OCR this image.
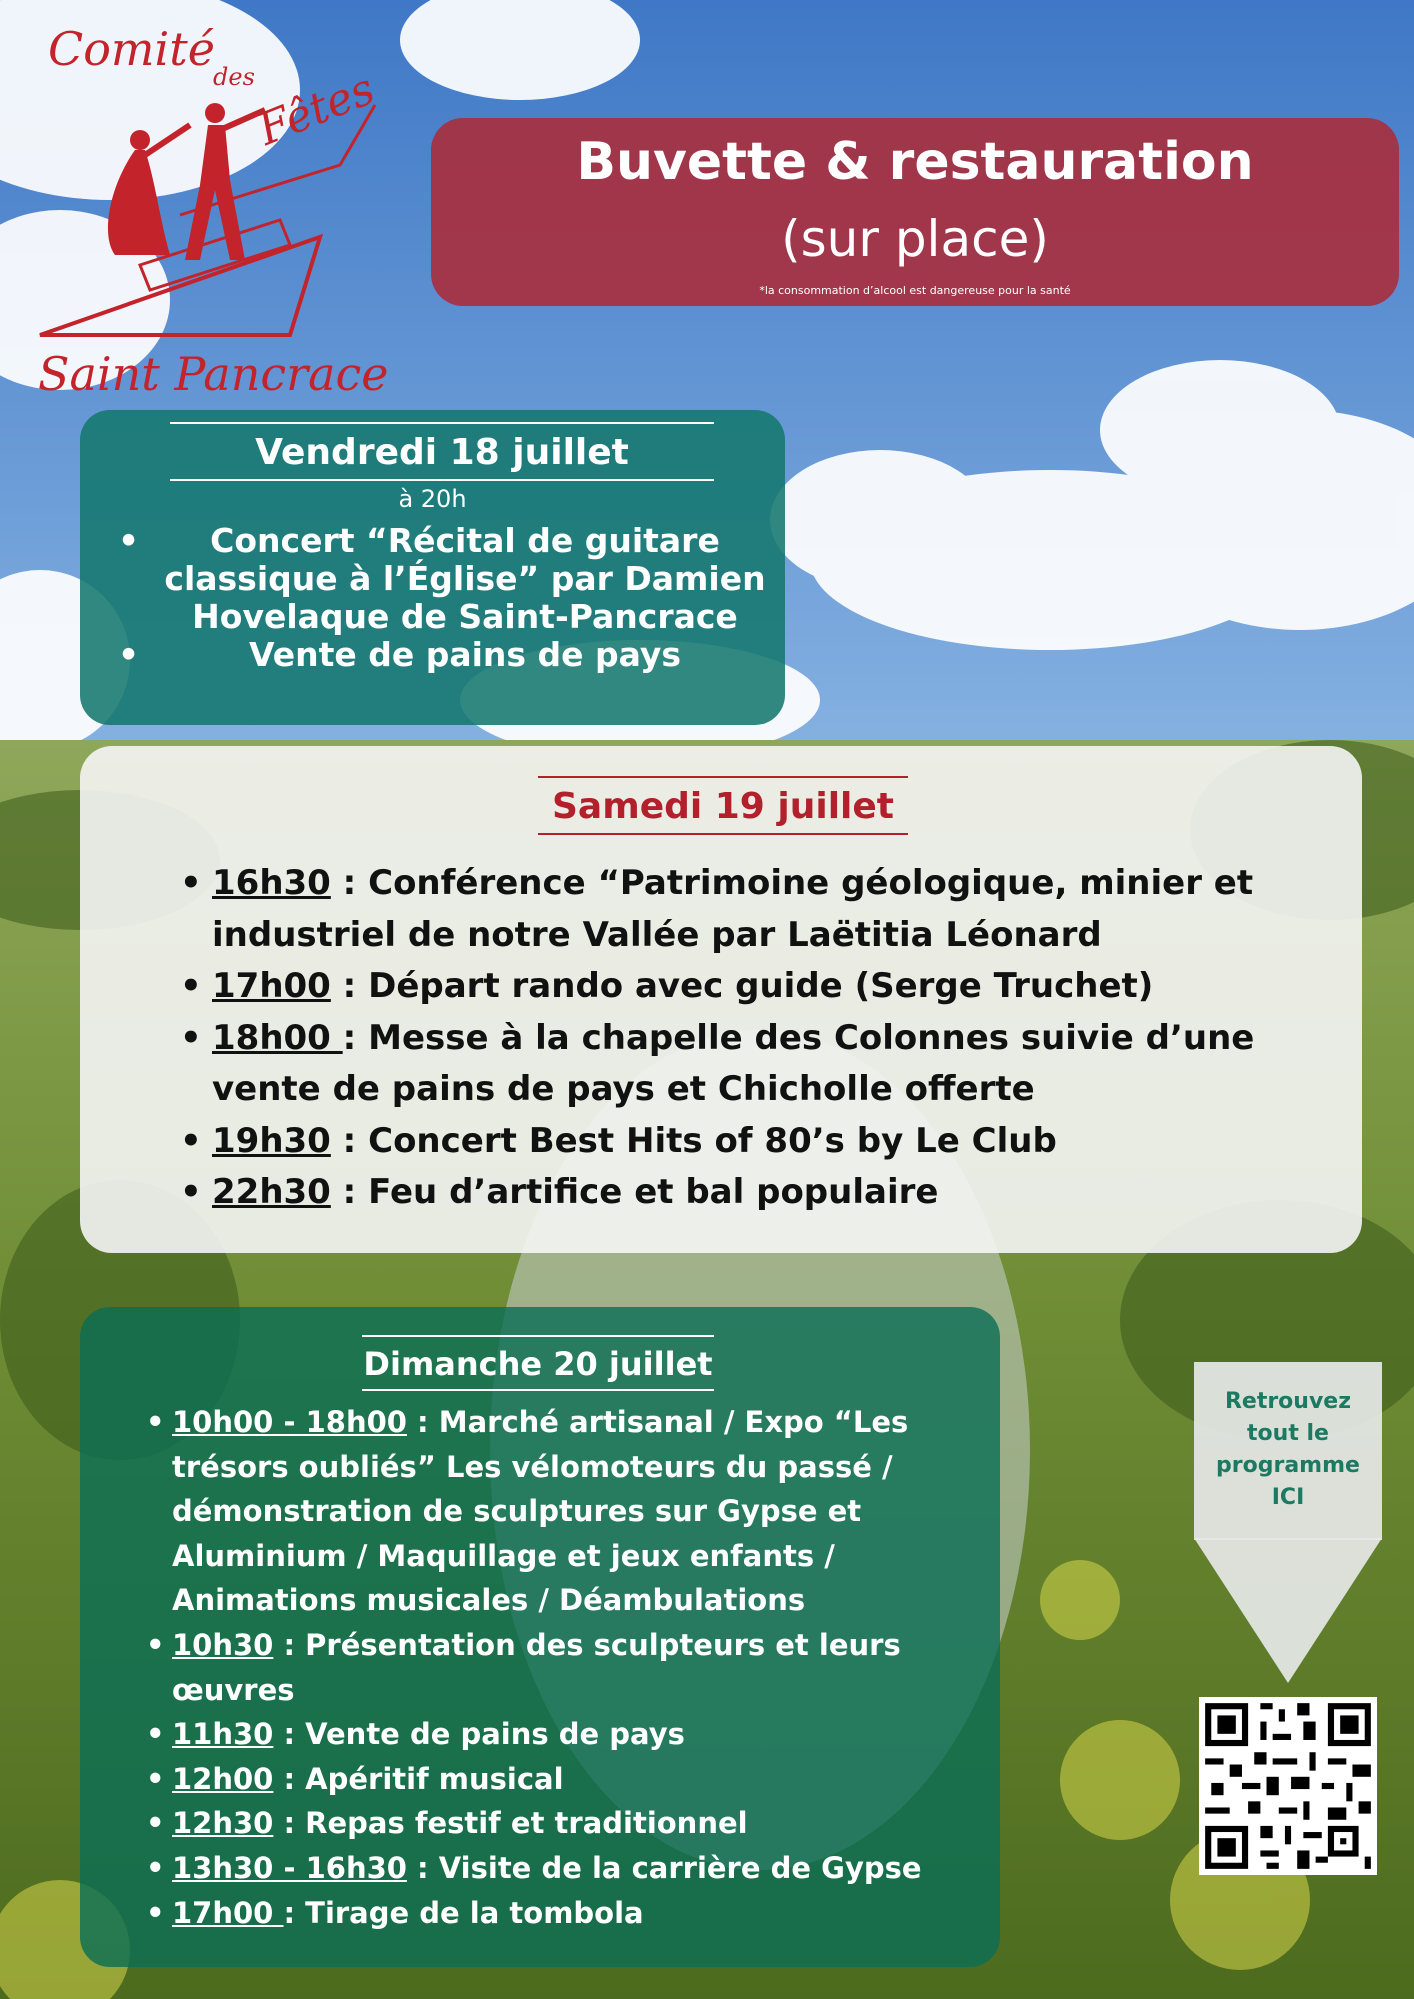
Comité
des
Fêtes
Saint Pancrace
Buvette & restauration
(sur place)
*la consommation d’alcool est dangereuse pour la santé
Vendredi 18 juillet
à 20h
• Concert “Récital de guitare classique à l’Église” par Damien Hovelaque de Saint-Pancrace
• Vente de pains de pays
Samedi 19 juillet
• 16h30 : Conférence “Patrimoine géologique, minier et industriel de notre Vallée par Laëtitia Léonard
• 17h00 : Départ rando avec guide (Serge Truchet)
• 18h00 : Messe à la chapelle des Colonnes suivie d’une vente de pains de pays et Chicholle offerte
• 19h30 : Concert Best Hits of 80’s by Le Club
• 22h30 : Feu d’artifice et bal populaire
Dimanche 20 juillet
• 10h00 - 18h00 : Marché artisanal / Expo “Les trésors oubliés” Les vélomoteurs du passé / démonstration de sculptures sur Gypse et Aluminium / Maquillage et jeux enfants / Animations musicales / Déambulations
• 10h30 : Présentation des sculpteurs et leurs œuvres
• 11h30 : Vente de pains de pays
• 12h00 : Apéritif musical
• 12h30 : Repas festif et traditionnel
• 13h30 - 16h30 : Visite de la carrière de Gypse
• 17h00 : Tirage de la tombola
Retrouvez
tout le
programme
ICI
